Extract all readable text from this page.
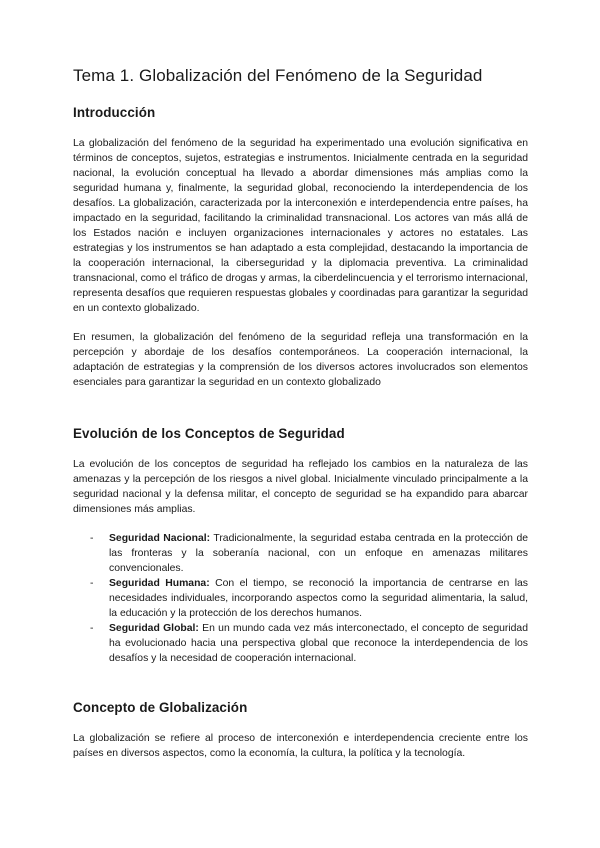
Tema 1. Globalización del Fenómeno de la Seguridad
Introducción

La globalización del fenómeno de la seguridad ha experimentado una evolución significativa en términos de conceptos, sujetos, estrategias e instrumentos. Inicialmente centrada en la seguridad nacional, la evolución conceptual ha llevado a abordar dimensiones más amplias como la seguridad humana y, finalmente, la seguridad global, reconociendo la interdependencia de los desafíos. La globalización, caracterizada por la interconexión e interdependencia entre países, ha impactado en la seguridad, facilitando la criminalidad transnacional. Los actores van más allá de los Estados nación e incluyen organizaciones internacionales y actores no estatales. Las estrategias y los instrumentos se han adaptado a esta complejidad, destacando la importancia de la cooperación internacional, la ciberseguridad y la diplomacia preventiva. La criminalidad transnacional, como el tráfico de drogas y armas, la ciberdelincuencia y el terrorismo internacional, representa desafíos que requieren respuestas globales y coordinadas para garantizar la seguridad en un contexto globalizado.

En resumen, la globalización del fenómeno de la seguridad refleja una transformación en la percepción y abordaje de los desafíos contemporáneos. La cooperación internacional, la adaptación de estrategias y la comprensión de los diversos actores involucrados son elementos esenciales para garantizar la seguridad en un contexto globalizado

Evolución de los Conceptos de Seguridad

La evolución de los conceptos de seguridad ha reflejado los cambios en la naturaleza de las amenazas y la percepción de los riesgos a nivel global. Inicialmente vinculado principalmente a la seguridad nacional y la defensa militar, el concepto de seguridad se ha expandido para abarcar dimensiones más amplias.

- Seguridad Nacional: Tradicionalmente, la seguridad estaba centrada en la protección de las fronteras y la soberanía nacional, con un enfoque en amenazas militares convencionales.
- Seguridad Humana: Con el tiempo, se reconoció la importancia de centrarse en las necesidades individuales, incorporando aspectos como la seguridad alimentaria, la salud, la educación y la protección de los derechos humanos.
- Seguridad Global: En un mundo cada vez más interconectado, el concepto de seguridad ha evolucionado hacia una perspectiva global que reconoce la interdependencia de los desafíos y la necesidad de cooperación internacional.
Concepto de Globalización

La globalización se refiere al proceso de interconexión e interdependencia creciente entre los países en diversos aspectos, como la economía, la cultura, la política y la tecnología.
